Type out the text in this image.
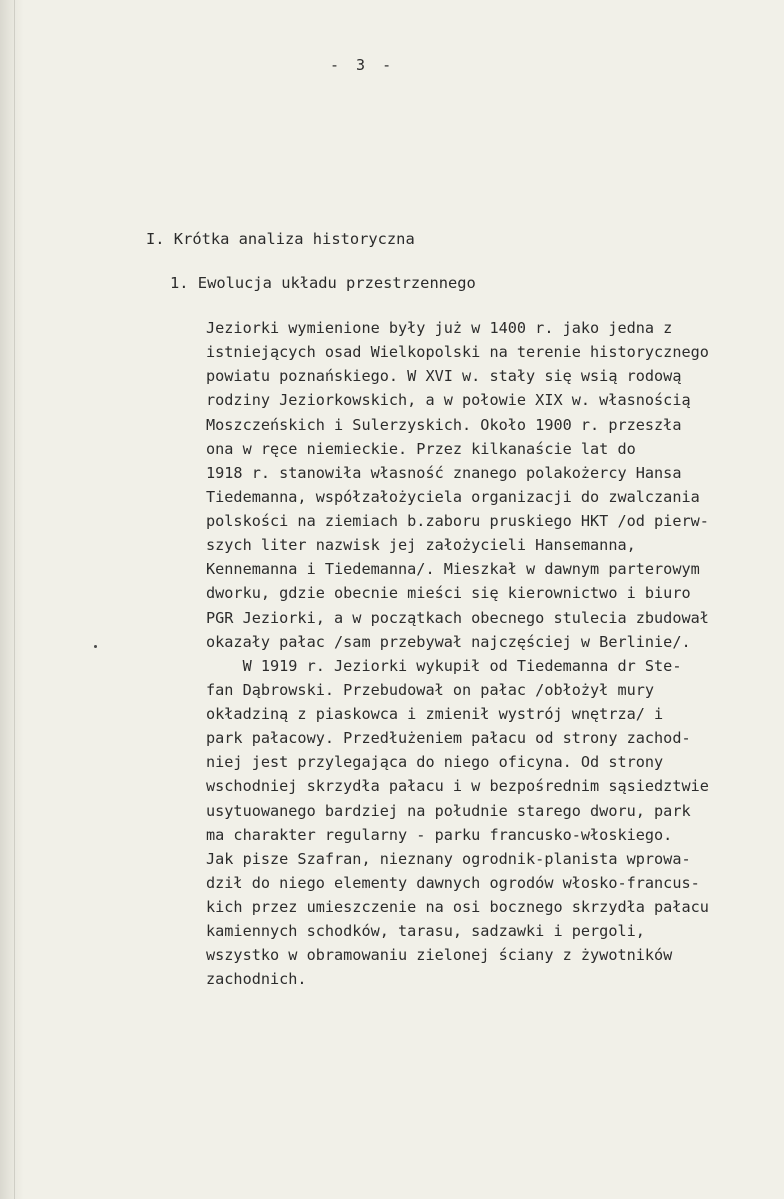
- 3 -
I. Krótka analiza historyczna
1. Ewolucja układu przestrzennego
Jeziorki wymienione były już w 1400 r. jako jedna z
istniejących osad Wielkopolski na terenie historycznego
powiatu poznańskiego. W XVI w. stały się wsią rodową
rodziny Jeziorkowskich, a w połowie XIX w. własnością
Moszczeńskich i Sulerzyskich. Około 1900 r. przeszła
ona w ręce niemieckie. Przez kilkanaście lat do
1918 r. stanowiła własność znanego polakożercy Hansa
Tiedemanna, współzałożyciela organizacji do zwalczania
polskości na ziemiach b.zaboru pruskiego HKT /od pierw-
szych liter nazwisk jej założycieli Hansemanna,
Kennemanna i Tiedemanna/. Mieszkał w dawnym parterowym
dworku, gdzie obecnie mieści się kierownictwo i biuro
PGR Jeziorki, a w początkach obecnego stulecia zbudował
okazały pałac /sam przebywał najczęściej w Berlinie/.
W 1919 r. Jeziorki wykupił od Tiedemanna dr Ste-
fan Dąbrowski. Przebudował on pałac /obłożył mury
okładziną z piaskowca i zmienił wystrój wnętrza/ i
park pałacowy. Przedłużeniem pałacu od strony zachod-
niej jest przylegająca do niego oficyna. Od strony
wschodniej skrzydła pałacu i w bezpośrednim sąsiedztwie
usytuowanego bardziej na południe starego dworu, park
ma charakter regularny - parku francusko-włoskiego.
Jak pisze Szafran, nieznany ogrodnik-planista wprowa-
dził do niego elementy dawnych ogrodów włosko-francus-
kich przez umieszczenie na osi bocznego skrzydła pałacu
kamiennych schodków, tarasu, sadzawki i pergoli,
wszystko w obramowaniu zielonej ściany z żywotników
zachodnich.
